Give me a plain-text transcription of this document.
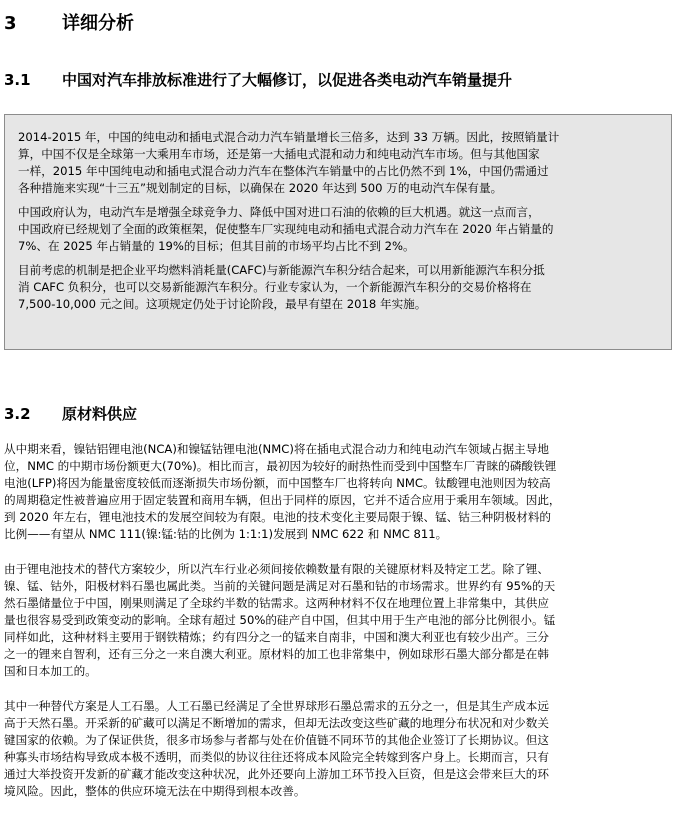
3	详细分析
3.1 中国对汽车排放标准进行了大幅修订，以促进各类电动汽车销量提升

2014-2015 年，中国的纯电动和插电式混合动力汽车销量增长三倍多，达到 33 万辆。因此，按照销量计
算，中国不仅是全球第一大乘用车市场，还是第一大插电式混和动力和纯电动汽车市场。但与其他国家
一样，2015 年中国纯电动和插电式混合动力汽车在整体汽车销量中的占比仍然不到 1%，中国仍需通过
各种措施来实现“十三五”规划制定的目标，以确保在 2020 年达到 500 万的电动汽车保有量。

中国政府认为，电动汽车是增强全球竞争力、降低中国对进口石油的依赖的巨大机遇。就这一点而言，
中国政府已经规划了全面的政策框架，促使整车厂实现纯电动和插电式混合动力汽车在 2020 年占销量的
7%、在 2025 年占销量的 19%的目标；但其目前的市场平均占比不到 2%。

目前考虑的机制是把企业平均燃料消耗量(CAFC)与新能源汽车积分结合起来，可以用新能源汽车积分抵
消 CAFC 负积分，也可以交易新能源汽车积分。行业专家认为，一个新能源汽车积分的交易价格将在
7,500-10,000 元之间。这项规定仍处于讨论阶段，最早有望在 2018 年实施。

3.2 原材料供应

从中期来看，镍钴铝锂电池(NCA)和镍锰钴锂电池(NMC)将在插电式混合动力和纯电动汽车领域占据主导地
位，NMC 的中期市场份额更大(70%)。相比而言，最初因为较好的耐热性而受到中国整车厂青睐的磷酸铁锂
电池(LFP)将因为能量密度较低而逐渐损失市场份额，而中国整车厂也将转向 NMC。钛酸锂电池则因为较高
的周期稳定性被普遍应用于固定装置和商用车辆，但出于同样的原因，它并不适合应用于乘用车领域。因此，
到 2020 年左右，锂电池技术的发展空间较为有限。电池的技术变化主要局限于镍、锰、钴三种阴极材料的
比例——有望从 NMC 111(镍:锰:钴的比例为 1:1:1)发展到 NMC 622 和 NMC 811。

由于锂电池技术的替代方案较少，所以汽车行业必须间接依赖数量有限的关键原材料及特定工艺。除了锂、
镍、锰、钴外，阳极材料石墨也属此类。当前的关键问题是满足对石墨和钴的市场需求。世界约有 95%的天
然石墨储量位于中国，刚果则满足了全球约半数的钴需求。这两种材料不仅在地理位置上非常集中，其供应
量也很容易受到政策变动的影响。全球有超过 50%的硅产自中国，但其中用于生产电池的部分比例很小。锰
同样如此，这种材料主要用于钢铁精炼；约有四分之一的锰来自南非，中国和澳大利亚也有较少出产。三分
之一的锂来自智利，还有三分之一来自澳大利亚。原材料的加工也非常集中，例如球形石墨大部分都是在韩
国和日本加工的。

其中一种替代方案是人工石墨。人工石墨已经满足了全世界球形石墨总需求的五分之一，但是其生产成本远
高于天然石墨。开采新的矿藏可以满足不断增加的需求，但却无法改变这些矿藏的地理分布状况和对少数关
键国家的依赖。为了保证供货，很多市场参与者都与处在价值链不同环节的其他企业签订了长期协议。但这
种寡头市场结构导致成本极不透明，而类似的协议往往还将成本风险完全转嫁到客户身上。长期而言，只有
通过大举投资开发新的矿藏才能改变这种状况，此外还要向上游加工环节投入巨资，但是这会带来巨大的环
境风险。因此，整体的供应环境无法在中期得到根本改善。
